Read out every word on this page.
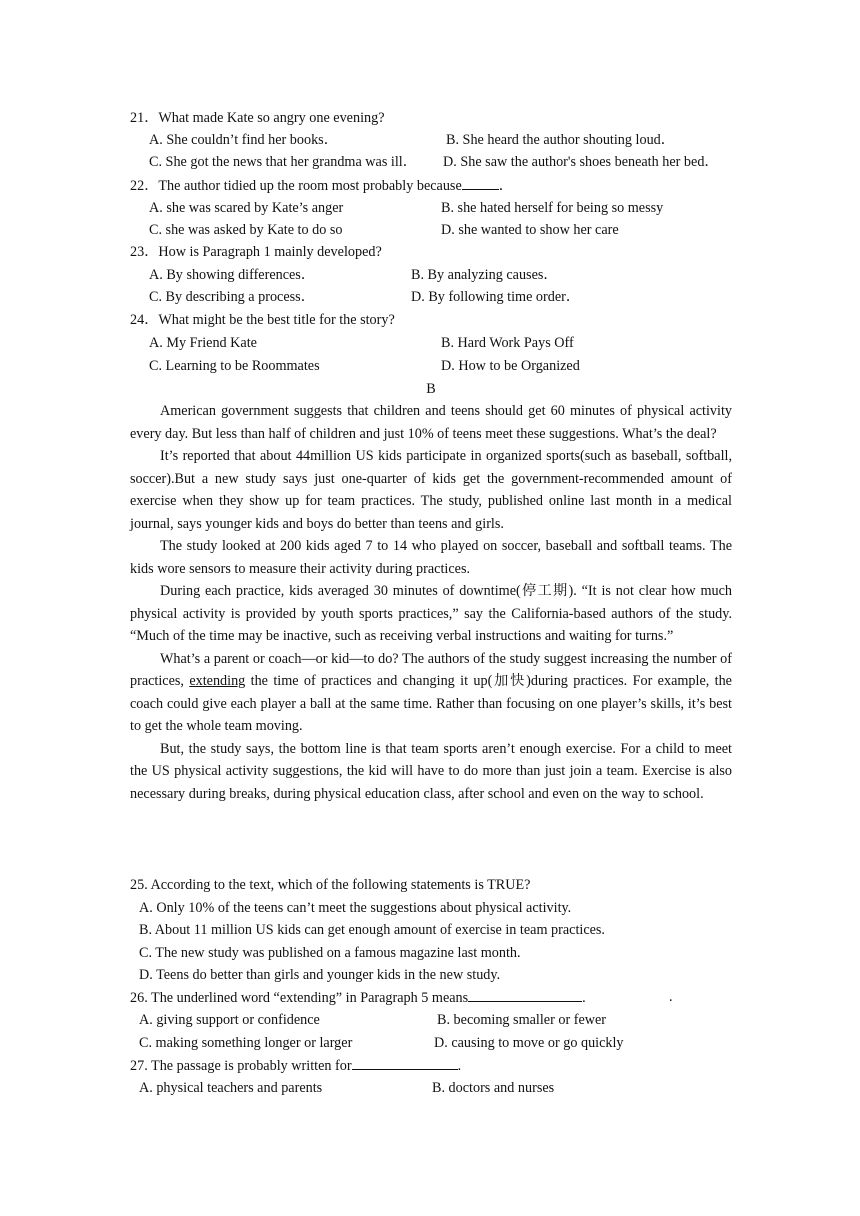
21．What made Kate so angry one evening?
A. She couldn’t find her books．	B. She heard the author shouting loud．
C. She got the news that her grandma was ill． D. She saw the author's shoes beneath her bed．
22．The author tidied up the room most probably because	．
A. she was scared by Kate’s anger	B. she hated herself for being so messy
C. she was asked by Kate to do so	D. she wanted to show her care
23．How is Paragraph 1 mainly developed?
A. By showing differences．	B. By analyzing causes．
C. By describing a process．	D. By following time order．
24．What might be the best title for the story?
A. My Friend Kate	B. Hard Work Pays Off
C. Learning to be Roommates	D. How to be Organized
B

American government suggests that children and teens should get 60 minutes of physical activity every day. But less than half of children and just 10% of teens meet these suggestions. What’s the deal?

It’s reported that about 44million US kids participate in organized sports(such as baseball, softball, soccer).But a new study says just one-quarter of kids get the government-recommended amount of exercise when they show up for team practices. The study, published online last month in a medical journal, says younger kids and boys do better than teens and girls.

The study looked at 200 kids aged 7 to 14 who played on soccer, baseball and softball teams. The kids wore sensors to measure their activity during practices.

During each practice, kids averaged 30 minutes of downtime(停工期). “It is not clear how much physical activity is provided by youth sports practices,” say the California-based authors of the study. “Much of the time may be inactive, such as receiving verbal instructions and waiting for turns.”

What’s a parent or coach—or kid—to do? The authors of the study suggest increasing the number of practices, extending the time of practices and changing it up(加快)during practices. For example, the coach could give each player a ball at the same time. Rather than focusing on one player’s skills, it’s best to get the whole team moving.

But, the study says, the bottom line is that team sports aren’t enough exercise. For a child to meet the US physical activity suggestions, the kid will have to do more than just join a team. Exercise is also necessary during breaks, during physical education class, after school and even on the way to school.

25. According to the text, which of the following statements is TRUE?
A. Only 10% of the teens can’t meet the suggestions about physical activity.
B. About 11 million US kids can get enough amount of exercise in team practices.
C. The new study was published on a famous magazine last month.
D. Teens do better than girls and younger kids in the new study.
26. The underlined word “extending” in Paragraph 5 means	.	.
A. giving support or confidence	B. becoming smaller or fewer
C. making something longer or larger	D. causing to move or go quickly
27. The passage is probably written for	.
A. physical teachers and parents	B. doctors and nurses
